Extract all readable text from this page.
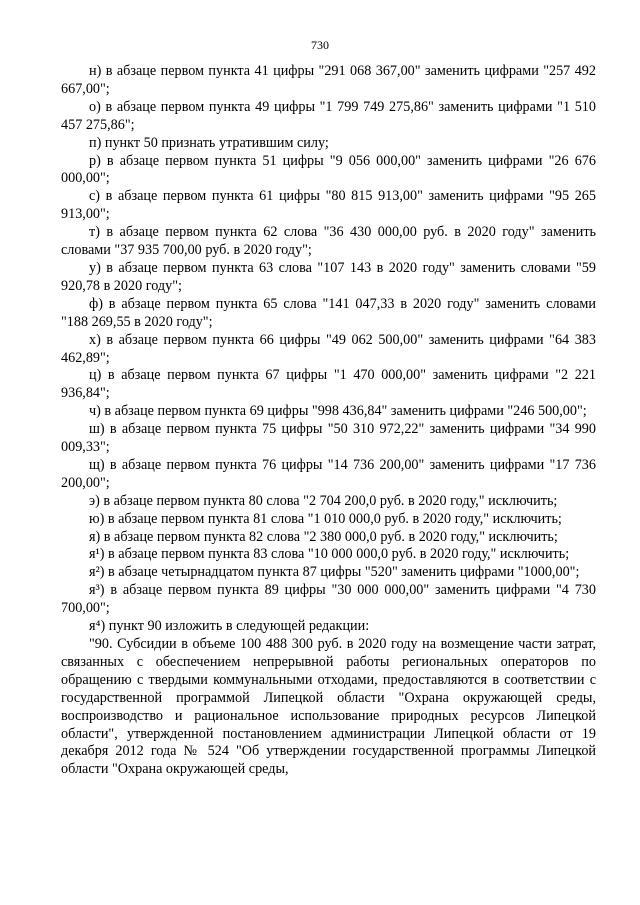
730

н) в абзаце первом пункта 41 цифры "291 068 367,00" заменить цифрами "257 492 667,00";

о) в абзаце первом пункта 49 цифры "1 799 749 275,86" заменить цифрами "1 510 457 275,86";

п) пункт 50 признать утратившим силу;

р) в абзаце первом пункта 51 цифры "9 056 000,00" заменить цифрами "26 676 000,00";

с) в абзаце первом пункта 61 цифры "80 815 913,00" заменить цифрами "95 265 913,00";

т) в абзаце первом пункта 62 слова "36 430 000,00 руб. в 2020 году" заменить словами "37 935 700,00 руб. в 2020 году";

у) в абзаце первом пункта 63 слова "107 143 в 2020 году" заменить словами "59 920,78 в 2020 году";

ф) в абзаце первом пункта 65 слова "141 047,33 в 2020 году" заменить словами "188 269,55 в 2020 году";

х) в абзаце первом пункта 66 цифры "49 062 500,00" заменить цифрами "64 383 462,89";

ц) в абзаце первом пункта 67 цифры "1 470 000,00" заменить цифрами "2 221 936,84";

ч) в абзаце первом пункта 69 цифры "998 436,84" заменить цифрами "246 500,00";

ш) в абзаце первом пункта 75 цифры "50 310 972,22" заменить цифрами "34 990 009,33";

щ) в абзаце первом пункта 76 цифры "14 736 200,00" заменить цифрами "17 736 200,00";

э) в абзаце первом пункта 80 слова "2 704 200,0 руб. в 2020 году," исключить;

ю) в абзаце первом пункта 81 слова "1 010 000,0 руб. в 2020 году," исключить;

я) в абзаце первом пункта 82 слова "2 380 000,0 руб. в 2020 году," исключить;

я¹) в абзаце первом пункта 83 слова "10 000 000,0 руб. в 2020 году," исключить;

я²) в абзаце четырнадцатом пункта 87 цифры "520" заменить цифрами "1000,00";

я³) в абзаце первом пункта 89 цифры "30 000 000,00" заменить цифрами "4 730 700,00";

я⁴) пункт 90 изложить в следующей редакции:

"90. Субсидии в объеме 100 488 300 руб. в 2020 году на возмещение части затрат, связанных с обеспечением непрерывной работы региональных операторов по обращению с твердыми коммунальными отходами, предоставляются в соответствии с государственной программой Липецкой области "Охрана окружающей среды, воспроизводство и рациональное использование природных ресурсов Липецкой области", утвержденной постановлением администрации Липецкой области от 19 декабря 2012 года № 524 "Об утверждении государственной программы Липецкой области "Охрана окружающей среды,
